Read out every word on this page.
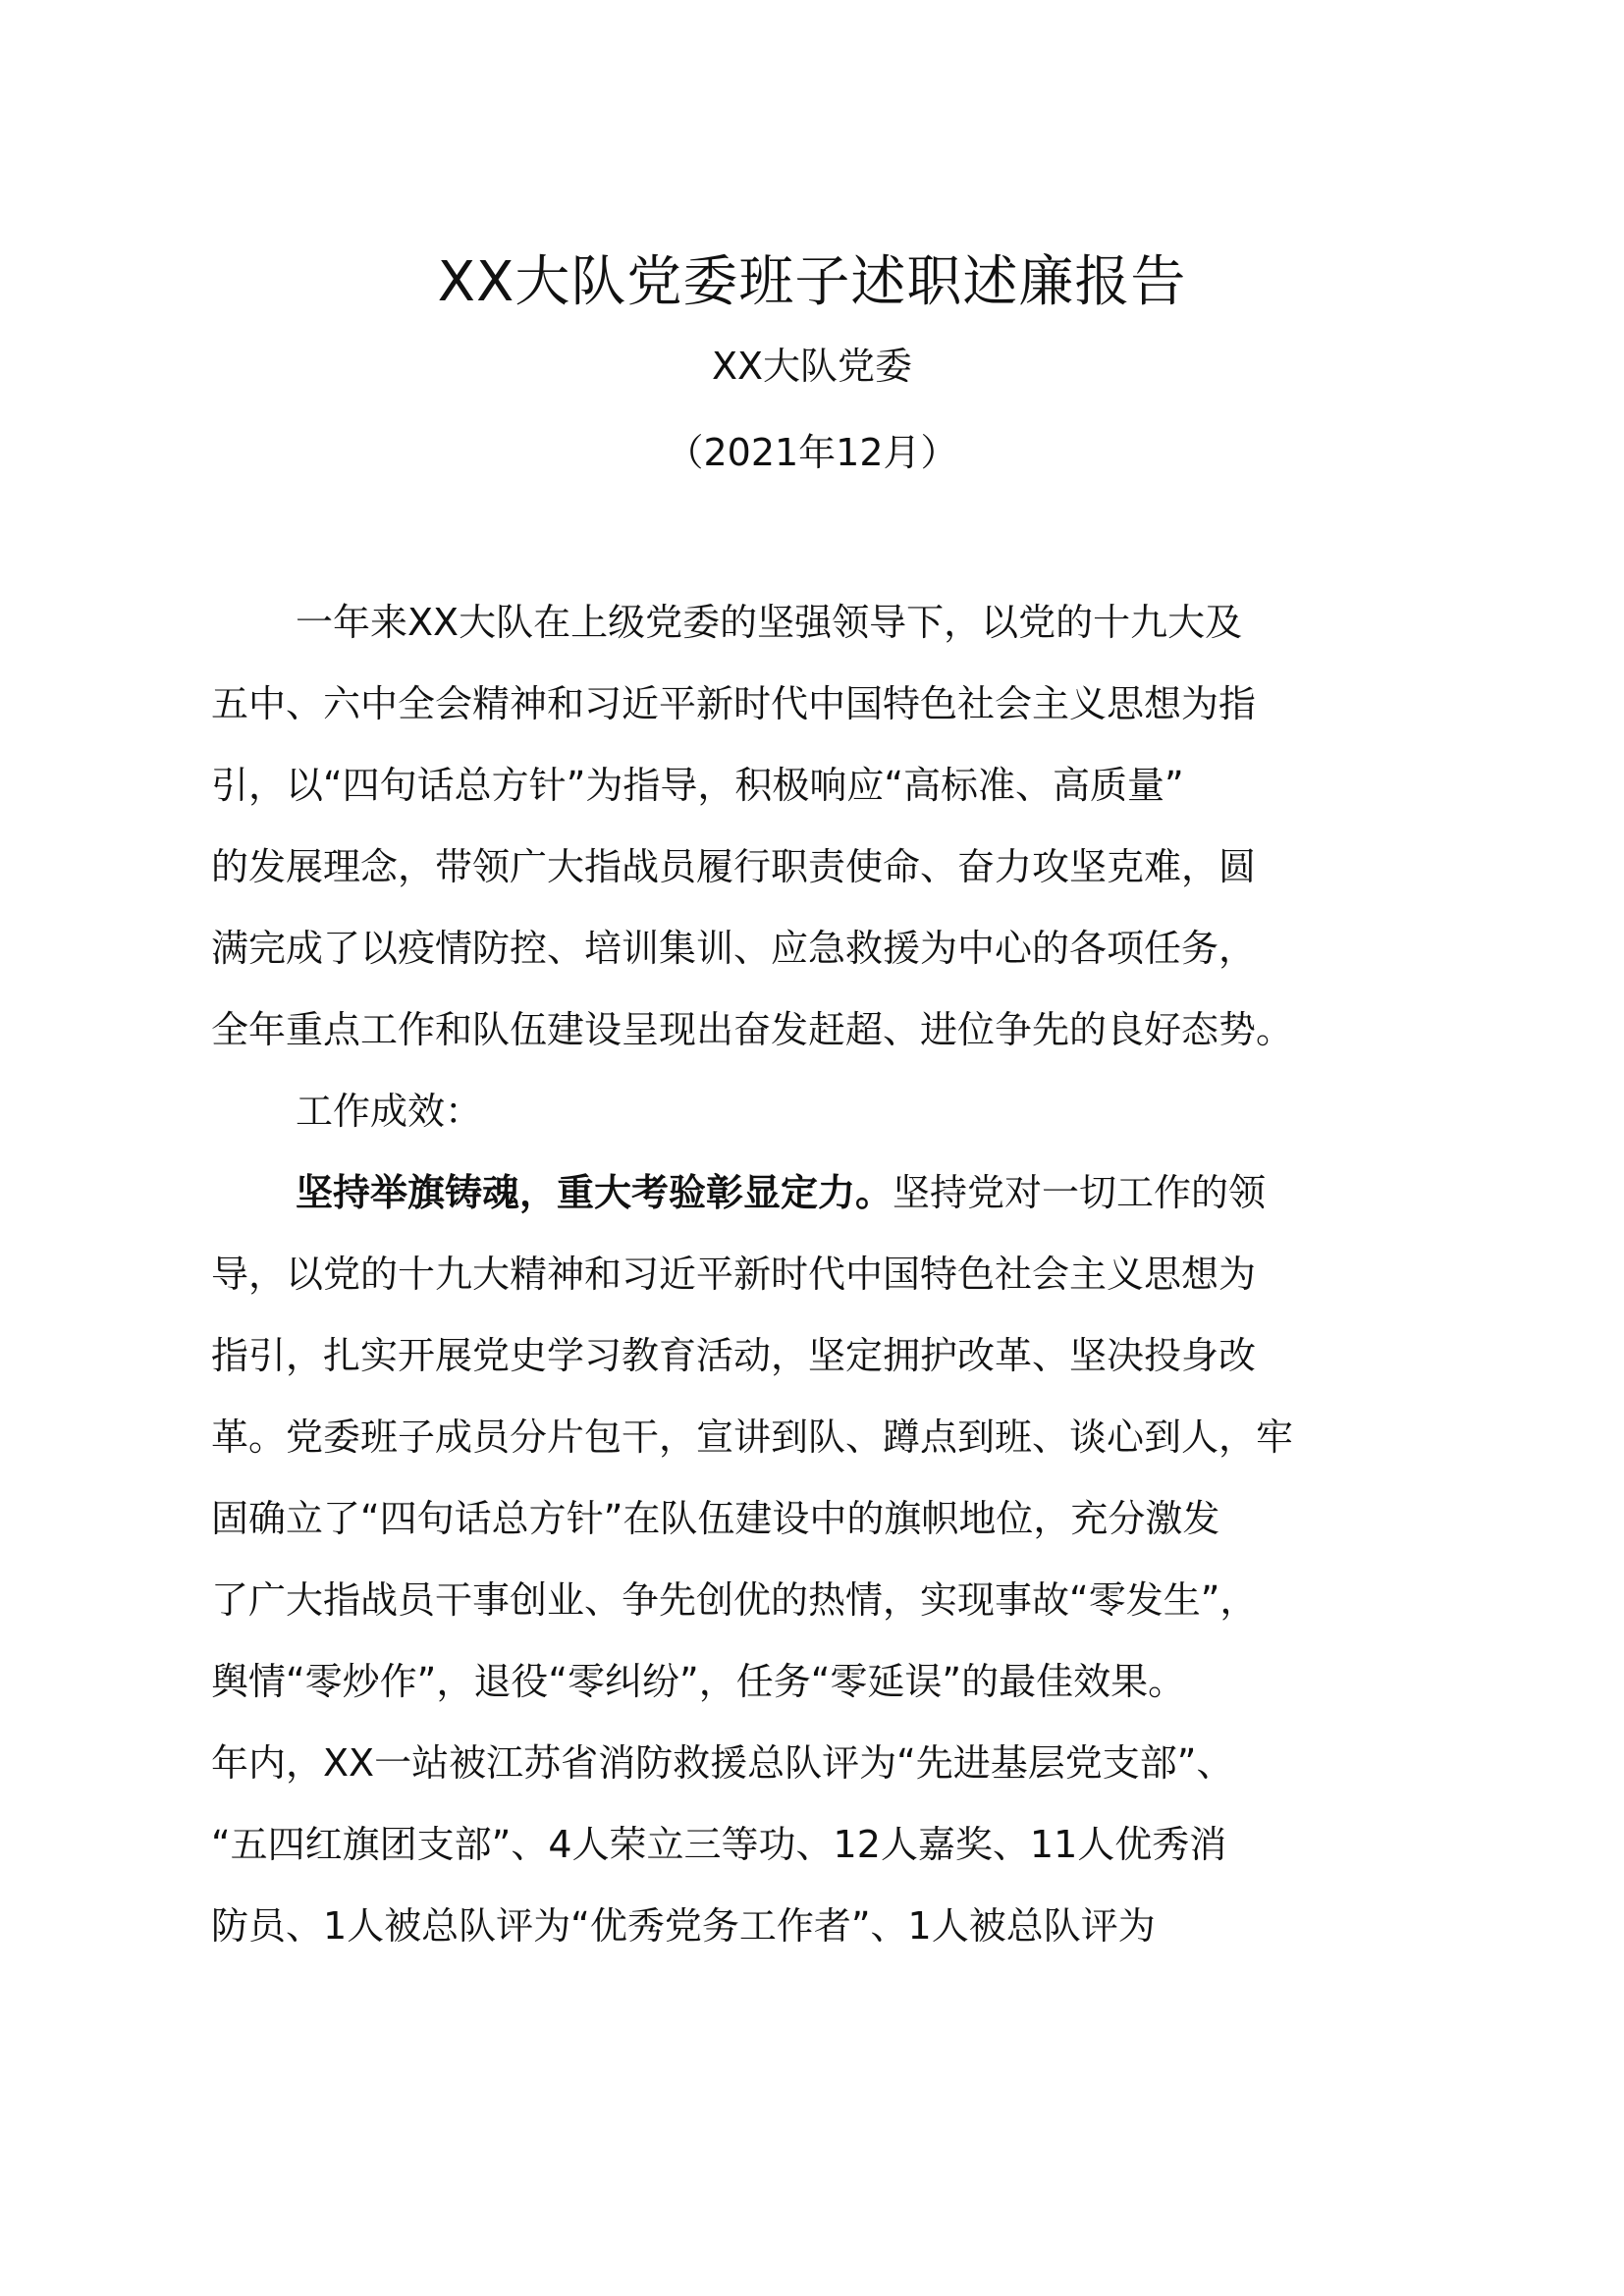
XX大队党委班子述职述廉报告
XX大队党委
（2021年12月）
一年来XX大队在上级党委的坚强领导下，以党的十九大及
五中、六中全会精神和习近平新时代中国特色社会主义思想为指
引，以“四句话总方针”为指导，积极响应“高标准、高质量”
的发展理念，带领广大指战员履行职责使命、奋力攻坚克难，圆
满完成了以疫情防控、培训集训、应急救援为中心的各项任务，
全年重点工作和队伍建设呈现出奋发赶超、进位争先的良好态势。
工作成效：
坚持举旗铸魂，重大考验彰显定力。坚持党对一切工作的领
导，以党的十九大精神和习近平新时代中国特色社会主义思想为
指引，扎实开展党史学习教育活动，坚定拥护改革、坚决投身改
革。党委班子成员分片包干，宣讲到队、蹲点到班、谈心到人，牢
固确立了“四句话总方针”在队伍建设中的旗帜地位，充分激发
了广大指战员干事创业、争先创优的热情，实现事故“零发生”，
舆情“零炒作”，退役“零纠纷”，任务“零延误”的最佳效果。
年内，XX一站被江苏省消防救援总队评为“先进基层党支部”、
“五四红旗团支部”、4人荣立三等功、12人嘉奖、11人优秀消
防员、1人被总队评为“优秀党务工作者”、1人被总队评为
